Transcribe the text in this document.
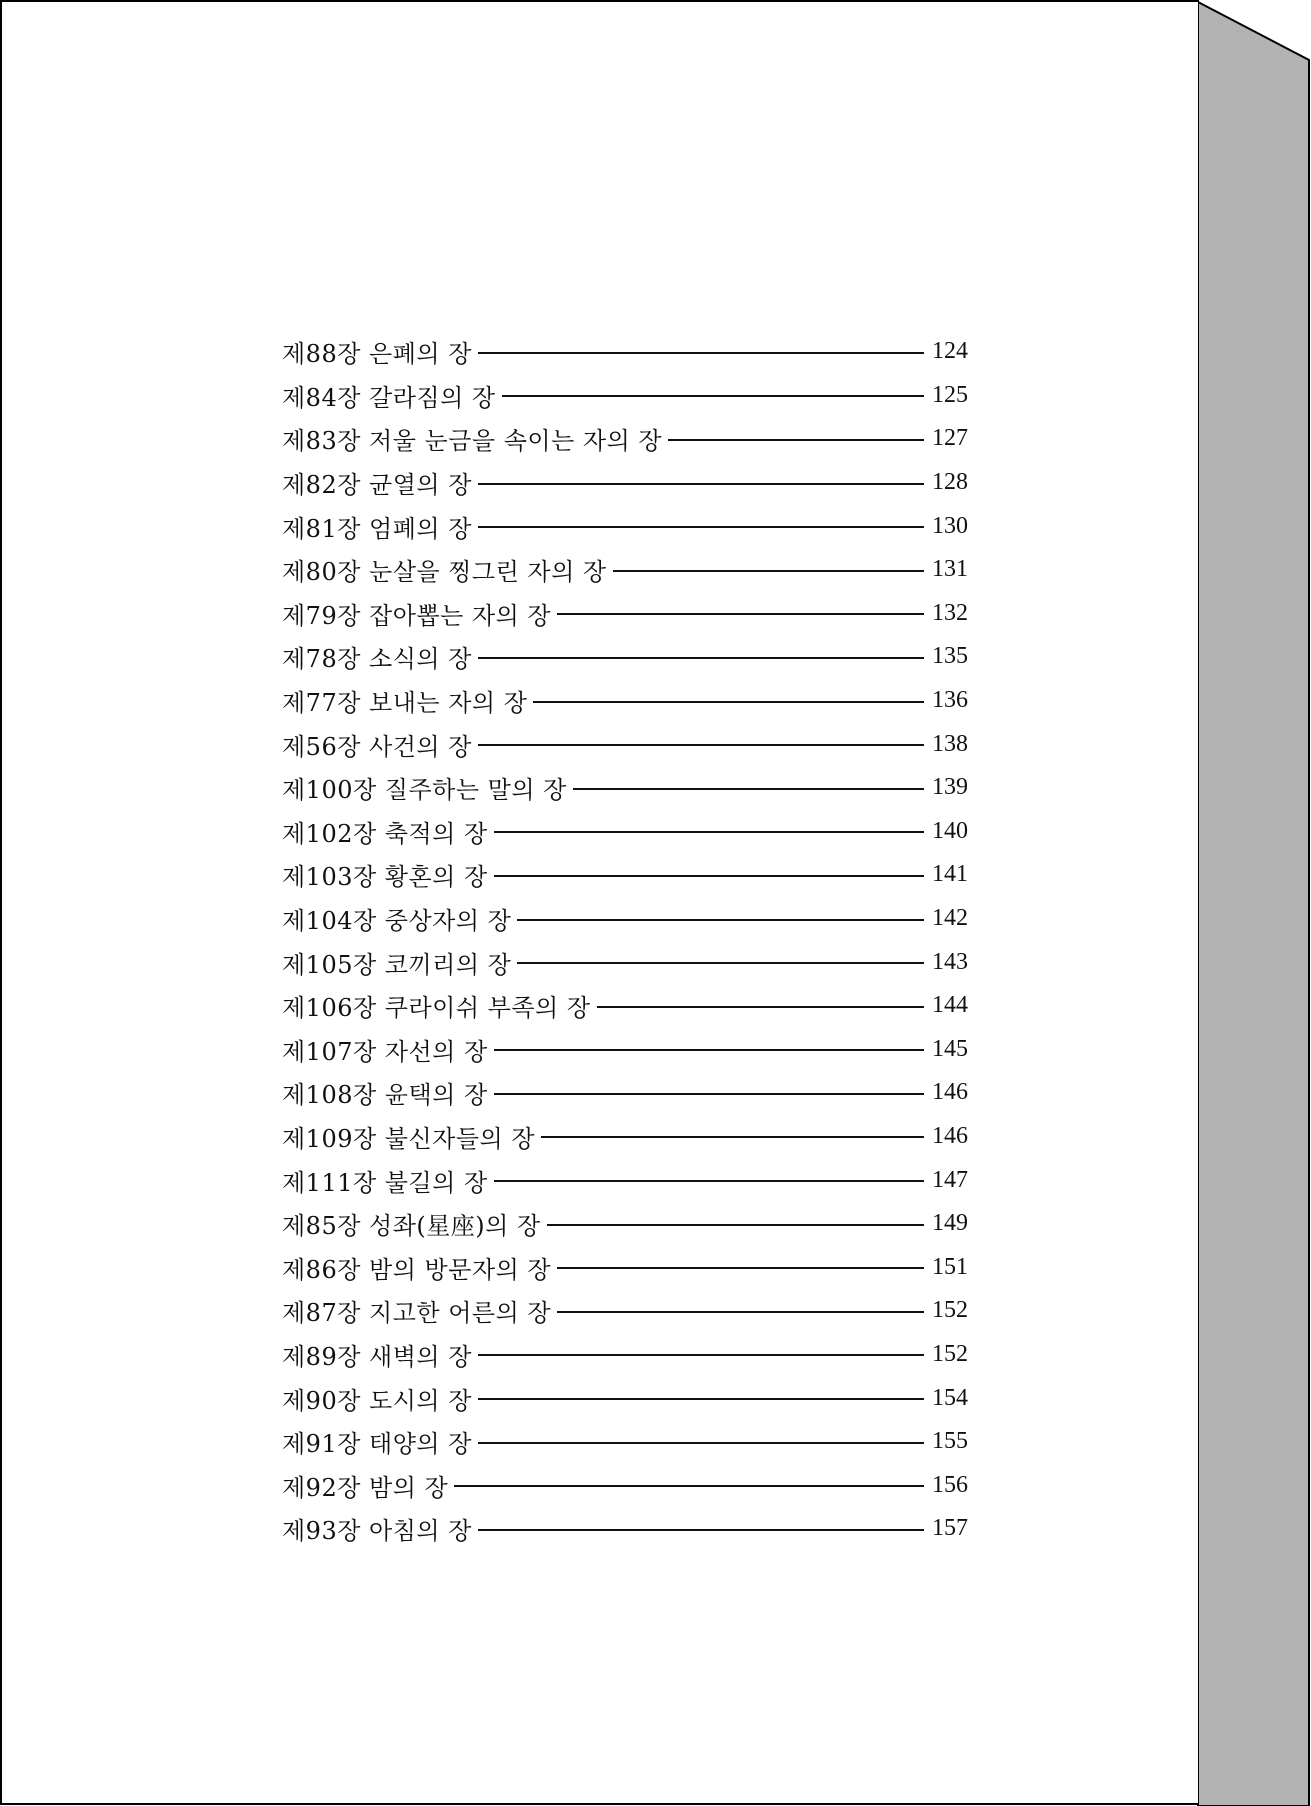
제88장 은폐의 장	124
제84장 갈라짐의 장	125
제83장 저울 눈금을 속이는 자의 장	127
제82장 균열의 장	128
제81장 엄폐의 장	130
제80장 눈살을 찡그린 자의 장	131
제79장 잡아뽑는 자의 장	132
제78장 소식의 장	135
제77장 보내는 자의 장	136
제56장 사건의 장	138
제100장 질주하는 말의 장	139
제102장 축적의 장	140
제103장 황혼의 장	141
제104장 중상자의 장	142
제105장 코끼리의 장	143
제106장 쿠라이쉬 부족의 장	144
제107장 자선의 장	145
제108장 윤택의 장	146
제109장 불신자들의 장	146
제111장 불길의 장	147
제85장 성좌(星座)의 장	149
제86장 밤의 방문자의 장	151
제87장 지고한 어른의 장	152
제89장 새벽의 장	152
제90장 도시의 장	154
제91장 태양의 장	155
제92장 밤의 장	156
제93장 아침의 장	157
